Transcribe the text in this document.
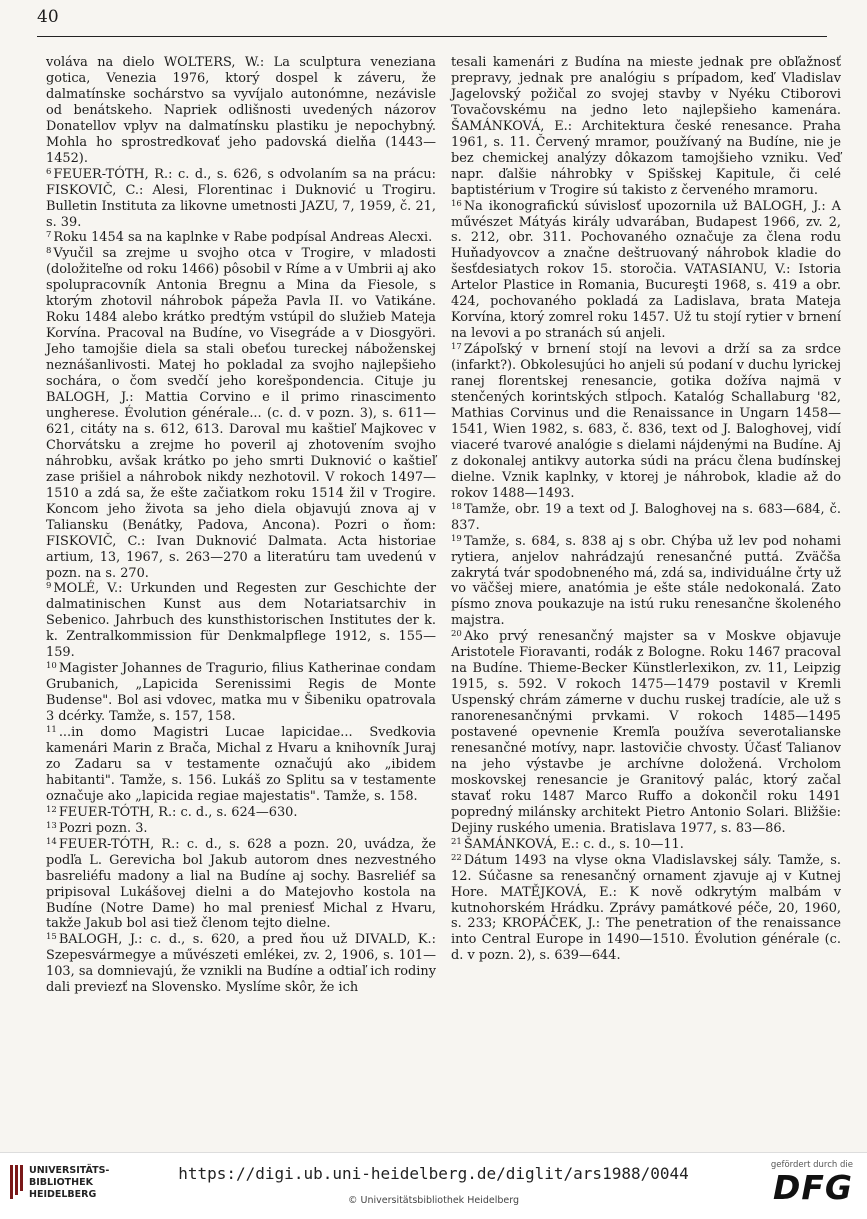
40

voláva na dielo WOLTERS, W.: La sculptura veneziana gotica, Venezia 1976, ktorý dospel k záveru, že dalmatínske sochárstvo sa vyvíjalo autonómne, nezávisle od benátskeho. Napriek odlišnosti uvedených názorov Donatellov vplyv na dalmatínsku plastiku je nepochybný. Mohla ho sprostredkovať jeho padovská dielňa (1443—1452).

$^6$ FEUER-TÓTH, R.: c. d., s. 626, s odvolaním sa na prácu: FISKOVIČ, C.: Alesi, Florentinac i Duknović u Trogiru. Bulletin Instituta za likovne umetnosti JAZU, 7, 1959, č. 21, s. 39.

$^7$ Roku 1454 sa na kaplnke v Rabe podpísal Andreas Alecxi.

$^8$ Vyučil sa zrejme u svojho otca v Trogire, v mladosti (doložiteľne od roku 1466) pôsobil v Ríme a v Umbrii aj ako spolupracovník Antonia Bregnu a Mina da Fiesole, s ktorým zhotovil náhrobok pápeža Pavla II. vo Vatikáne. Roku 1484 alebo krátko predtým vstúpil do služieb Mateja Korvína. Pracoval na Budíne, vo Visegráde a v Diosgyöri. Jeho tamojšie diela sa stali obeťou tureckej náboženskej neznášanlivosti. Matej ho pokladal za svojho najlepšieho sochára, o čom svedčí jeho korešpondencia. Cituje ju BALOGH, J.: Mattia Corvino e il primo rinascimento ungherese. Évolution générale... (c. d. v pozn. 3), s. 611—621, citáty na s. 612, 613. Daroval mu kaštieľ Majkovec v Chorvátsku a zrejme ho poveril aj zhotovením svojho náhrobku, avšak krátko po jeho smrti Duknović o kaštieľ zase prišiel a náhrobok nikdy nezhotovil. V rokoch 1497—1510 a zdá sa, že ešte začiatkom roku 1514 žil v Trogire. Koncom jeho života sa jeho diela objavujú znova aj v Taliansku (Benátky, Padova, Ancona). Pozri o ňom: FISKOVIČ, C.: Ivan Duknović Dalmata. Acta historiae artium, 13, 1967, s. 263—270 a literatúru tam uvedenú v pozn. na s. 270.

$^9$ MOLÉ, V.: Urkunden und Regesten zur Geschichte der dalmatinischen Kunst aus dem Notariatsarchiv in Sebenico. Jahrbuch des kunsthistorischen Institutes der k. k. Zentralkommission für Denkmalpflege 1912, s. 155—159.

$^{10}$ Magister Johannes de Tragurio, filius Katherinae condam Grubanich, „Lapicida Serenissimi Regis de Monte Budense". Bol asi vdovec, matka mu v Šibeniku opatrovala 3 dcérky. Tamže, s. 157, 158.

$^{11}$ ...in domo Magistri Lucae lapicidae... Svedkovia kamenári Marin z Brača, Michal z Hvaru a knihovník Juraj zo Zadaru sa v testamente označujú ako „ibidem habitanti". Tamže, s. 156. Lukáš zo Splitu sa v testamente označuje ako „lapicida regiae majestatis". Tamže, s. 158.

$^{12}$ FEUER-TÓTH, R.: c. d., s. 624—630.

$^{13}$ Pozri pozn. 3.

$^{14}$ FEUER-TÓTH, R.: c. d., s. 628 a pozn. 20, uvádza, že podľa L. Gerevicha bol Jakub autorom dnes nezvestného basreliéfu madony a lial na Budíne aj sochy. Basreliéf sa pripisoval Lukášovej dielni a do Matejovho kostola na Budíne (Notre Dame) ho mal preniesť Michal z Hvaru, takže Jakub bol asi tiež členom tejto dielne.

$^{15}$ BALOGH, J.: c. d., s. 620, a pred ňou už DIVALD, K.: Szepesvármegye a művészeti emlékei, zv. 2, 1906, s. 101—103, sa domnievajú, že vznikli na Budíne a odtiaľ ich rodiny dali previezť na Slovensko. Myslíme skôr, že ich

tesali kamenári z Budína na mieste jednak pre obľažnosť prepravy, jednak pre analógiu s prípadom, keď Vladislav Jagelovský požičal zo svojej stavby v Nyéku Ctiborovi Tovačovskému na jedno leto najlepšieho kamenára. ŠAMÁNKOVÁ, E.: Architektura české renesance. Praha 1961, s. 11. Červený mramor, používaný na Budíne, nie je bez chemickej analýzy dôkazom tamojšieho vzniku. Veď napr. ďalšie náhrobky v Spišskej Kapitule, či celé baptistérium v Trogire sú takisto z červeného mramoru.

$^{16}$ Na ikonografickú súvislosť upozornila už BALOGH, J.: A művészet Mátyás király udvarában, Budapest 1966, zv. 2, s. 212, obr. 311. Pochovaného označuje za člena rodu Huňadyovcov a značne deštruovaný náhrobok kladie do šesťdesiatych rokov 15. storočia. VATASIANU, V.: Istoria Artelor Plastice in Romania, Bucureşti 1968, s. 419 a obr. 424, pochovaného pokladá za Ladislava, brata Mateja Korvína, ktorý zomrel roku 1457. Už tu stojí rytier v brnení na levovi a po stranách sú anjeli.

$^{17}$ Zápoľský v brnení stojí na levovi a drží sa za srdce (infarkt?). Obkolesujúci ho anjeli sú podaní v duchu lyrickej ranej florentskej renesancie, gotika dožíva najmä v stenčených korintských stĺpoch. Katalóg Schallaburg '82, Mathias Corvinus und die Renaissance in Ungarn 1458—1541, Wien 1982, s. 683, č. 836, text od J. Baloghovej, vidí viaceré tvarové analógie s dielami nájdenými na Budíne. Aj z dokonalej antikvy autorka súdi na prácu člena budínskej dielne. Vznik kaplnky, v ktorej je náhrobok, kladie až do rokov 1488—1493.

$^{18}$ Tamže, obr. 19 a text od J. Baloghovej na s. 683—684, č. 837.

$^{19}$ Tamže, s. 684, s. 838 aj s obr. Chýba už lev pod nohami rytiera, anjelov nahrádzajú renesančné puttá. Zväčša zakrytá tvár spodobneného má, zdá sa, individuálne črty už vo väčšej miere, anatómia je ešte stále nedokonalá. Zato písmo znova poukazuje na istú ruku renesančne školeného majstra.

$^{20}$ Ako prvý renesančný majster sa v Moskve objavuje Aristotele Fioravanti, rodák z Bologne. Roku 1467 pracoval na Budíne. Thieme-Becker Künstlerlexikon, zv. 11, Leipzig 1915, s. 592. V rokoch 1475—1479 postavil v Kremli Uspenský chrám zámerne v duchu ruskej tradície, ale už s ranorenesančnými prvkami. V rokoch 1485—1495 postavené opevnenie Kremľa používa severotalianske renesančné motívy, napr. lastovičie chvosty. Účasť Talianov na jeho výstavbe je archívne doložená. Vrcholom moskovskej renesancie je Granitový palác, ktorý začal stavať roku 1487 Marco Ruffo a dokončil roku 1491 popredný milánsky architekt Pietro Antonio Solari. Bližšie: Dejiny ruského umenia. Bratislava 1977, s. 83—86.

$^{21}$ ŠAMÁNKOVÁ, E.: c. d., s. 10—11.

$^{22}$ Dátum 1493 na vlyse okna Vladislavskej sály. Tamže, s. 12. Súčasne sa renesančný ornament zjavuje aj v Kutnej Hore. MATĚJKOVÁ, E.: K nově odkrytým malbám v kutnohorském Hrádku. Zprávy památkové péče, 20, 1960, s. 233; KROPÁČEK, J.: The penetration of the renaissance into Central Europe in 1490—1510. Évolution générale (c. d. v pozn. 2), s. 639—644.

UNIVERSITÄTS-
BIBLIOTHEK
HEIDELBERG
https://digi.ub.uni-heidelberg.de/diglit/ars1988/0044
© Universitätsbibliothek Heidelberg
gefördert durch die
DFG
